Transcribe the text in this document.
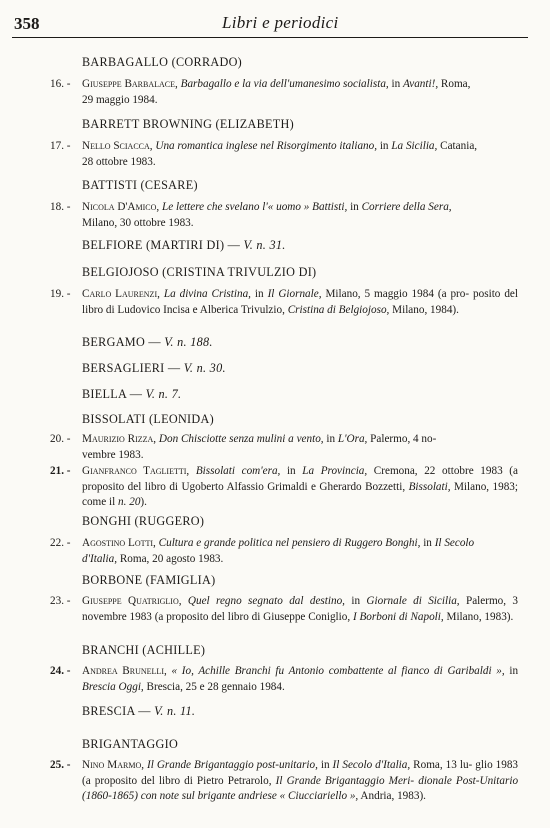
358	Libri e periodici
BARBAGALLO (CORRADO)
16. -	Giuseppe Barbalace, Barbagallo e la via dell'umanesimo socialista, in Avanti!, Roma,
29 maggio 1984.
BARRETT BROWNING (ELIZABETH)
17. -	Nello Sciacca, Una romantica inglese nel Risorgimento italiano, in La Sicilia, Catania,
28 ottobre 1983.
BATTISTI (CESARE)
18. -	Nicola D'Amico, Le lettere che svelano l'« uomo » Battisti, in Corriere della Sera,
Milano, 30 ottobre 1983.
BELFIORE (MARTIRI DI) — V. n. 31.
BELGIOJOSO (CRISTINA TRIVULZIO DI)
19. -	Carlo Laurenzi, La divina Cristina, in Il Giornale, Milano, 5 maggio 1984 (a pro- posito del libro di Ludovico Incisa e Alberica Trivulzio, Cristina di Belgiojoso, Milano, 1984).
BERGAMO — V. n. 188.
BERSAGLIERI — V. n. 30.
BIELLA — V. n. 7.
BISSOLATI (LEONIDA)
20. -	Maurizio Rizza, Don Chisciotte senza mulini a vento, in L'Ora, Palermo, 4 no-
vembre 1983.
21. -	Gianfranco Taglietti, Bissolati com'era, in La Provincia, Cremona, 22 ottobre 1983 (a proposito del libro di Ugoberto Alfassio Grimaldi e Gherardo Bozzetti, Bissolati, Milano, 1983; come il n. 20).
BONGHI (RUGGERO)
22. -	Agostino Lotti, Cultura e grande politica nel pensiero di Ruggero Bonghi, in Il Secolo
d'Italia, Roma, 20 agosto 1983.
BORBONE (FAMIGLIA)
23. -	Giuseppe Quatriglio, Quel regno segnato dal destino, in Giornale di Sicilia, Palermo, 3 novembre 1983 (a proposito del libro di Giuseppe Coniglio, I Borboni di Napoli, Milano, 1983).
BRANCHI (ACHILLE)
24. -	Andrea Brunelli, « Io, Achille Branchi fu Antonio combattente al fianco di Garibaldi », in Brescia Oggi, Brescia, 25 e 28 gennaio 1984.
BRESCIA — V. n. 11.
BRIGANTAGGIO
25. -	Nino Marmo, Il Grande Brigantaggio post-unitario, in Il Secolo d'Italia, Roma, 13 lu- glio 1983 (a proposito del libro di Pietro Petrarolo, Il Grande Brigantaggio Meri- dionale Post-Unitario (1860-1865) con note sul brigante andriese « Ciucciariello », Andria, 1983).
